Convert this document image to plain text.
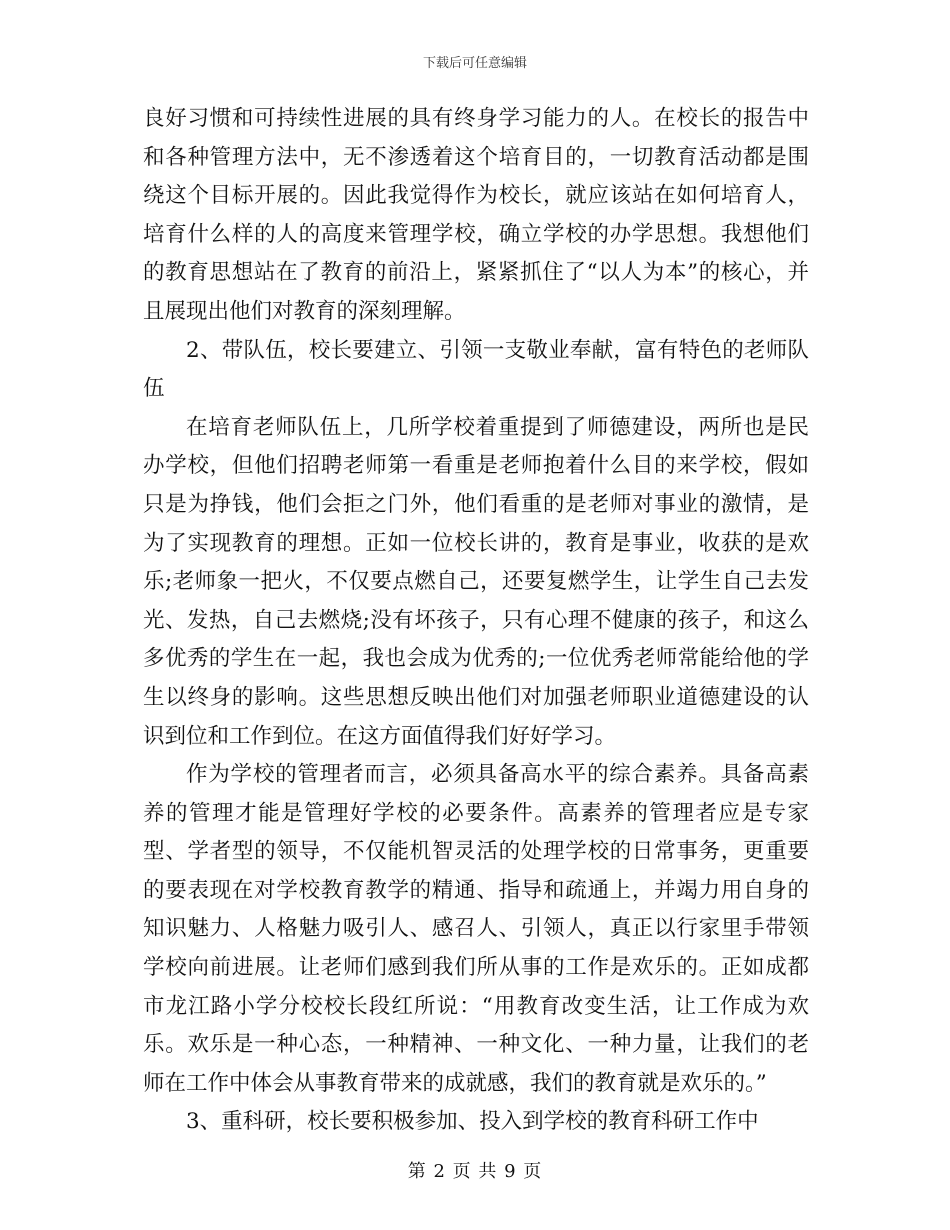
下载后可任意编辑

良好习惯和可持续性进展的具有终身学习能力的人。在校长的报告中和各种管理方法中，无不渗透着这个培育目的，一切教育活动都是围绕这个目标开展的。因此我觉得作为校长，就应该站在如何培育人，培育什么样的人的高度来管理学校，确立学校的办学思想。我想他们的教育思想站在了教育的前沿上，紧紧抓住了“以人为本”的核心，并且展现出他们对教育的深刻理解。

2、带队伍，校长要建立、引领一支敬业奉献，富有特色的老师队伍

在培育老师队伍上，几所学校着重提到了师德建设，两所也是民办学校，但他们招聘老师第一看重是老师抱着什么目的来学校，假如只是为挣钱，他们会拒之门外，他们看重的是老师对事业的激情，是为了实现教育的理想。正如一位校长讲的，教育是事业，收获的是欢乐;老师象一把火，不仅要点燃自己，还要复燃学生，让学生自己去发光、发热，自己去燃烧;没有坏孩子，只有心理不健康的孩子，和这么多优秀的学生在一起，我也会成为优秀的;一位优秀老师常能给他的学生以终身的影响。这些思想反映出他们对加强老师职业道德建设的认识到位和工作到位。在这方面值得我们好好学习。

作为学校的管理者而言，必须具备高水平的综合素养。具备高素养的管理才能是管理好学校的必要条件。高素养的管理者应是专家型、学者型的领导，不仅能机智灵活的处理学校的日常事务，更重要的要表现在对学校教育教学的精通、指导和疏通上，并竭力用自身的知识魅力、人格魅力吸引人、感召人、引领人，真正以行家里手带领学校向前进展。让老师们感到我们所从事的工作是欢乐的。正如成都市龙江路小学分校校长段红所说：“用教育改变生活，让工作成为欢乐。欢乐是一种心态，一种精神、一种文化、一种力量，让我们的老师在工作中体会从事教育带来的成就感，我们的教育就是欢乐的。”

3、重科研，校长要积极参加、投入到学校的教育科研工作中

第 2 页 共 9 页
